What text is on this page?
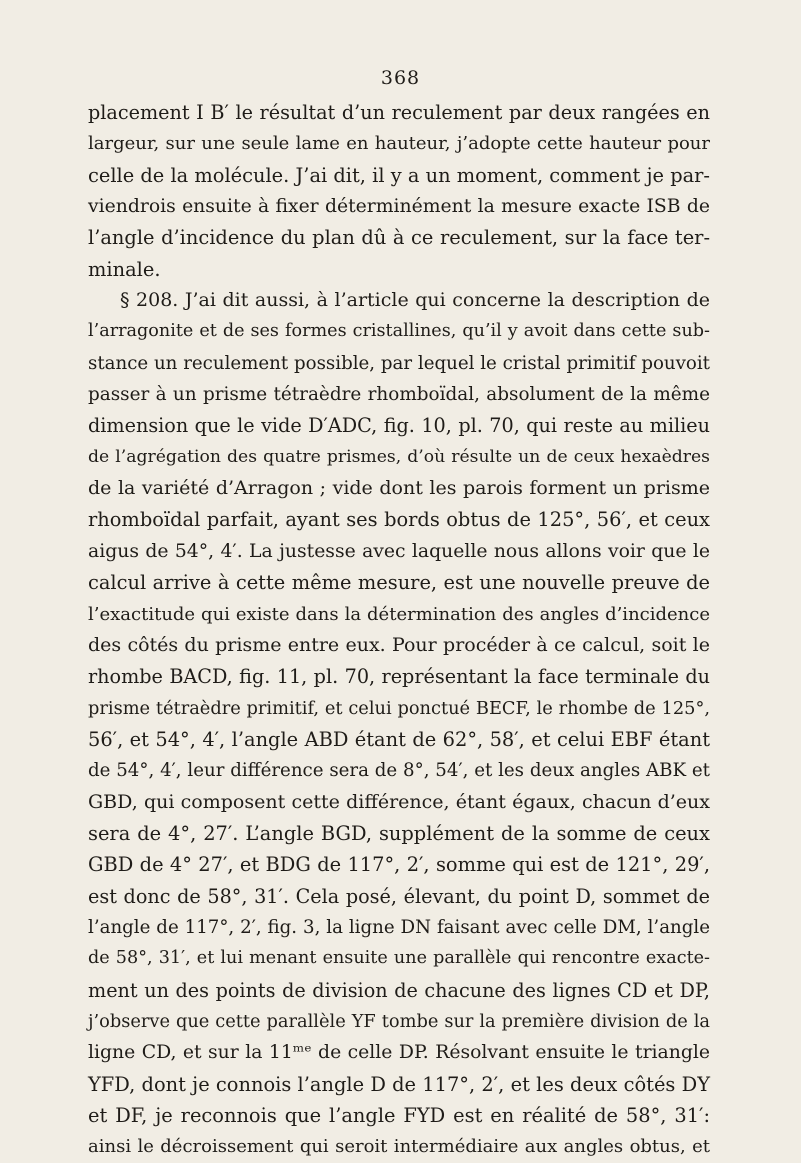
368
placement I B′ le résultat d’un reculement par deux rangées en
largeur, sur une seule lame en hauteur, j’adopte cette hauteur pour
celle de la molécule. J’ai dit, il y a un moment, comment je par-
viendrois ensuite à fixer déterminément la mesure exacte ISB de
l’angle d’incidence du plan dû à ce reculement, sur la face ter-
minale.
§ 208. J’ai dit aussi, à l’article qui concerne la description de
l’arragonite et de ses formes cristallines, qu’il y avoit dans cette sub-
stance un reculement possible, par lequel le cristal primitif pouvoit
passer à un prisme tétraèdre rhomboïdal, absolument de la même
dimension que le vide D′ADC, fig. 10, pl. 70, qui reste au milieu
de l’agrégation des quatre prismes, d’où résulte un de ceux hexaèdres
de la variété d’Arragon ; vide dont les parois forment un prisme
rhomboïdal parfait, ayant ses bords obtus de 125°, 56′, et ceux
aigus de 54°, 4′. La justesse avec laquelle nous allons voir que le
calcul arrive à cette même mesure, est une nouvelle preuve de
l’exactitude qui existe dans la détermination des angles d’incidence
des côtés du prisme entre eux. Pour procéder à ce calcul, soit le
rhombe BACD, fig. 11, pl. 70, représentant la face terminale du
prisme tétraèdre primitif, et celui ponctué BECF, le rhombe de 125°,
56′, et 54°, 4′, l’angle ABD étant de 62°, 58′, et celui EBF étant
de 54°, 4′, leur différence sera de 8°, 54′, et les deux angles ABK et
GBD, qui composent cette différence, étant égaux, chacun d’eux
sera de 4°, 27′. L’angle BGD, supplément de la somme de ceux
GBD de 4° 27′, et BDG de 117°, 2′, somme qui est de 121°, 29′,
est donc de 58°, 31′. Cela posé, élevant, du point D, sommet de
l’angle de 117°, 2′, fig. 3, la ligne DN faisant avec celle DM, l’angle
de 58°, 31′, et lui menant ensuite une parallèle qui rencontre exacte-
ment un des points de division de chacune des lignes CD et DP,
j’observe que cette parallèle YF tombe sur la première division de la
ligne CD, et sur la 11ᵐᵉ de celle DP. Résolvant ensuite le triangle
YFD, dont je connois l’angle D de 117°, 2′, et les deux côtés DY
et DF, je reconnois que l’angle FYD est en réalité de 58°, 31′:
ainsi le décroissement qui seroit intermédiaire aux angles obtus, et
